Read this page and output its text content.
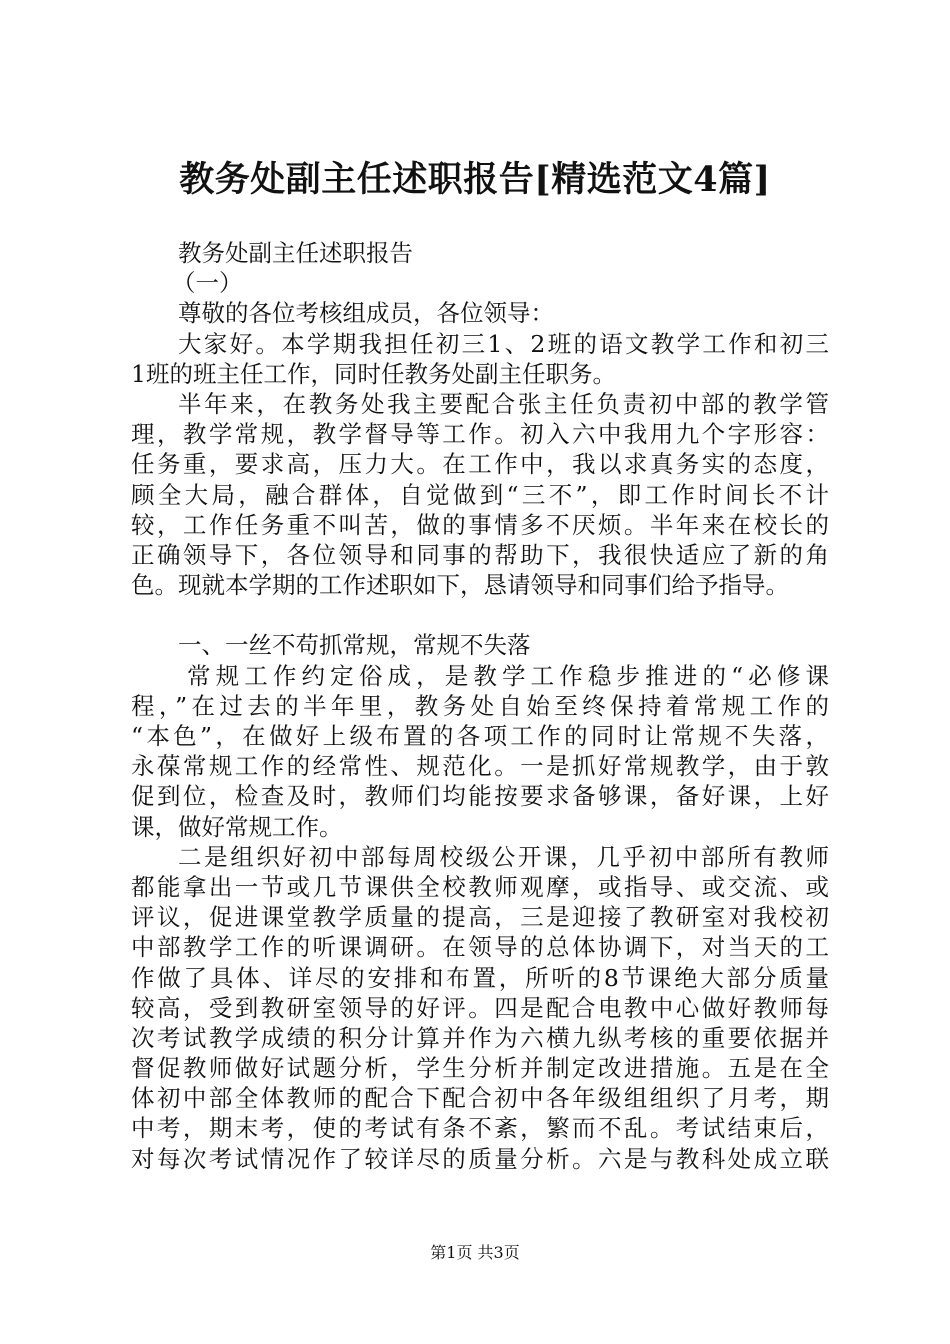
教务处副主任述职报告[精选范文4篇]
教务处副主任述职报告
（一）
尊敬的各位考核组成员，各位领导：
大家好。本学期我担任初三1、2班的语文教学工作和初三
1班的班主任工作，同时任教务处副主任职务。
半年来，在教务处我主要配合张主任负责初中部的教学管
理，教学常规，教学督导等工作。初入六中我用九个字形容：
任务重，要求高，压力大。在工作中，我以求真务实的态度，
顾全大局，融合群体，自觉做到“三不”，即工作时间长不计
较，工作任务重不叫苦，做的事情多不厌烦。半年来在校长的
正确领导下，各位领导和同事的帮助下，我很快适应了新的角
色。现就本学期的工作述职如下，恳请领导和同事们给予指导。
一、一丝不苟抓常规，常规不失落
常规工作约定俗成，是教学工作稳步推进的“必修课
程，”在过去的半年里，教务处自始至终保持着常规工作的
“本色”，在做好上级布置的各项工作的同时让常规不失落，
永葆常规工作的经常性、规范化。一是抓好常规教学，由于敦
促到位，检查及时，教师们均能按要求备够课，备好课，上好
课，做好常规工作。
二是组织好初中部每周校级公开课，几乎初中部所有教师
都能拿出一节或几节课供全校教师观摩，或指导、或交流、或
评议，促进课堂教学质量的提高，三是迎接了教研室对我校初
中部教学工作的听课调研。在领导的总体协调下，对当天的工
作做了具体、详尽的安排和布置，所听的8节课绝大部分质量
较高，受到教研室领导的好评。四是配合电教中心做好教师每
次考试教学成绩的积分计算并作为六横九纵考核的重要依据并
督促教师做好试题分析，学生分析并制定改进措施。五是在全
体初中部全体教师的配合下配合初中各年级组组织了月考，期
中考，期末考，使的考试有条不紊，繁而不乱。考试结束后，
对每次考试情况作了较详尽的质量分析。六是与教科处成立联
第1页 共3页
